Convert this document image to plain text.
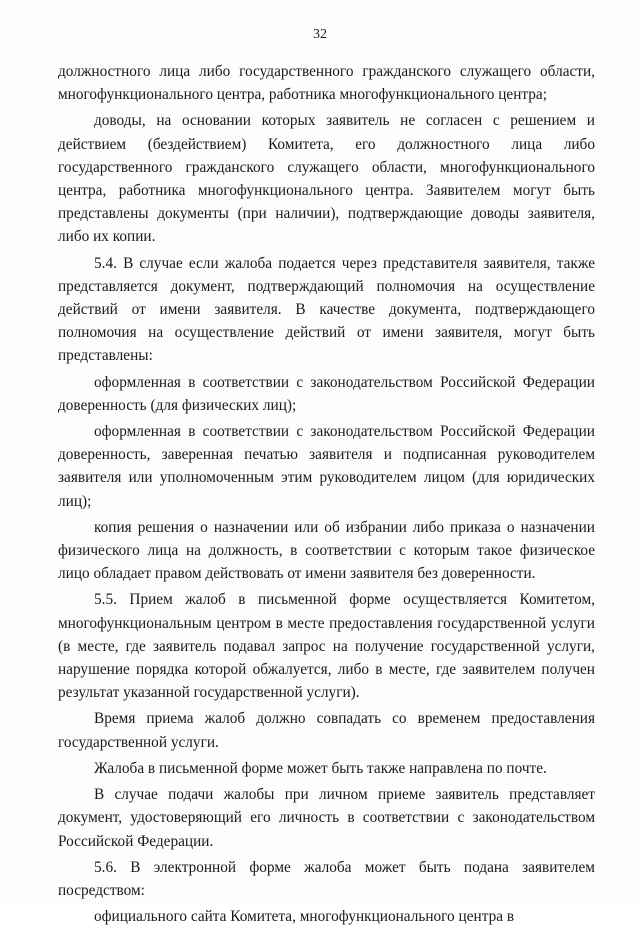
32

должностного лица либо государственного гражданского служащего области, многофункционального центра, работника многофункционального центра;

доводы, на основании которых заявитель не согласен с решением и действием (бездействием) Комитета, его должностного лица либо государственного гражданского служащего области, многофункционального центра, работника многофункционального центра. Заявителем могут быть представлены документы (при наличии), подтверждающие доводы заявителя, либо их копии.

5.4. В случае если жалоба подается через представителя заявителя, также представляется документ, подтверждающий полномочия на осуществление действий от имени заявителя. В качестве документа, подтверждающего полномочия на осуществление действий от имени заявителя, могут быть представлены:

оформленная в соответствии с законодательством Российской Федерации доверенность (для физических лиц);

оформленная в соответствии с законодательством Российской Федерации доверенность, заверенная печатью заявителя и подписанная руководителем заявителя или уполномоченным этим руководителем лицом (для юридических лиц);

копия решения о назначении или об избрании либо приказа о назначении физического лица на должность, в соответствии с которым такое физическое лицо обладает правом действовать от имени заявителя без доверенности.

5.5. Прием жалоб в письменной форме осуществляется Комитетом, многофункциональным центром в месте предоставления государственной услуги (в месте, где заявитель подавал запрос на получение государственной услуги, нарушение порядка которой обжалуется, либо в месте, где заявителем получен результат указанной государственной услуги).

Время приема жалоб должно совпадать со временем предоставления государственной услуги.

Жалоба в письменной форме может быть также направлена по почте.

В случае подачи жалобы при личном приеме заявитель представляет документ, удостоверяющий его личность в соответствии с законодательством Российской Федерации.

5.6. В электронной форме жалоба может быть подана заявителем посредством:

официального сайта Комитета, многофункционального центра в
